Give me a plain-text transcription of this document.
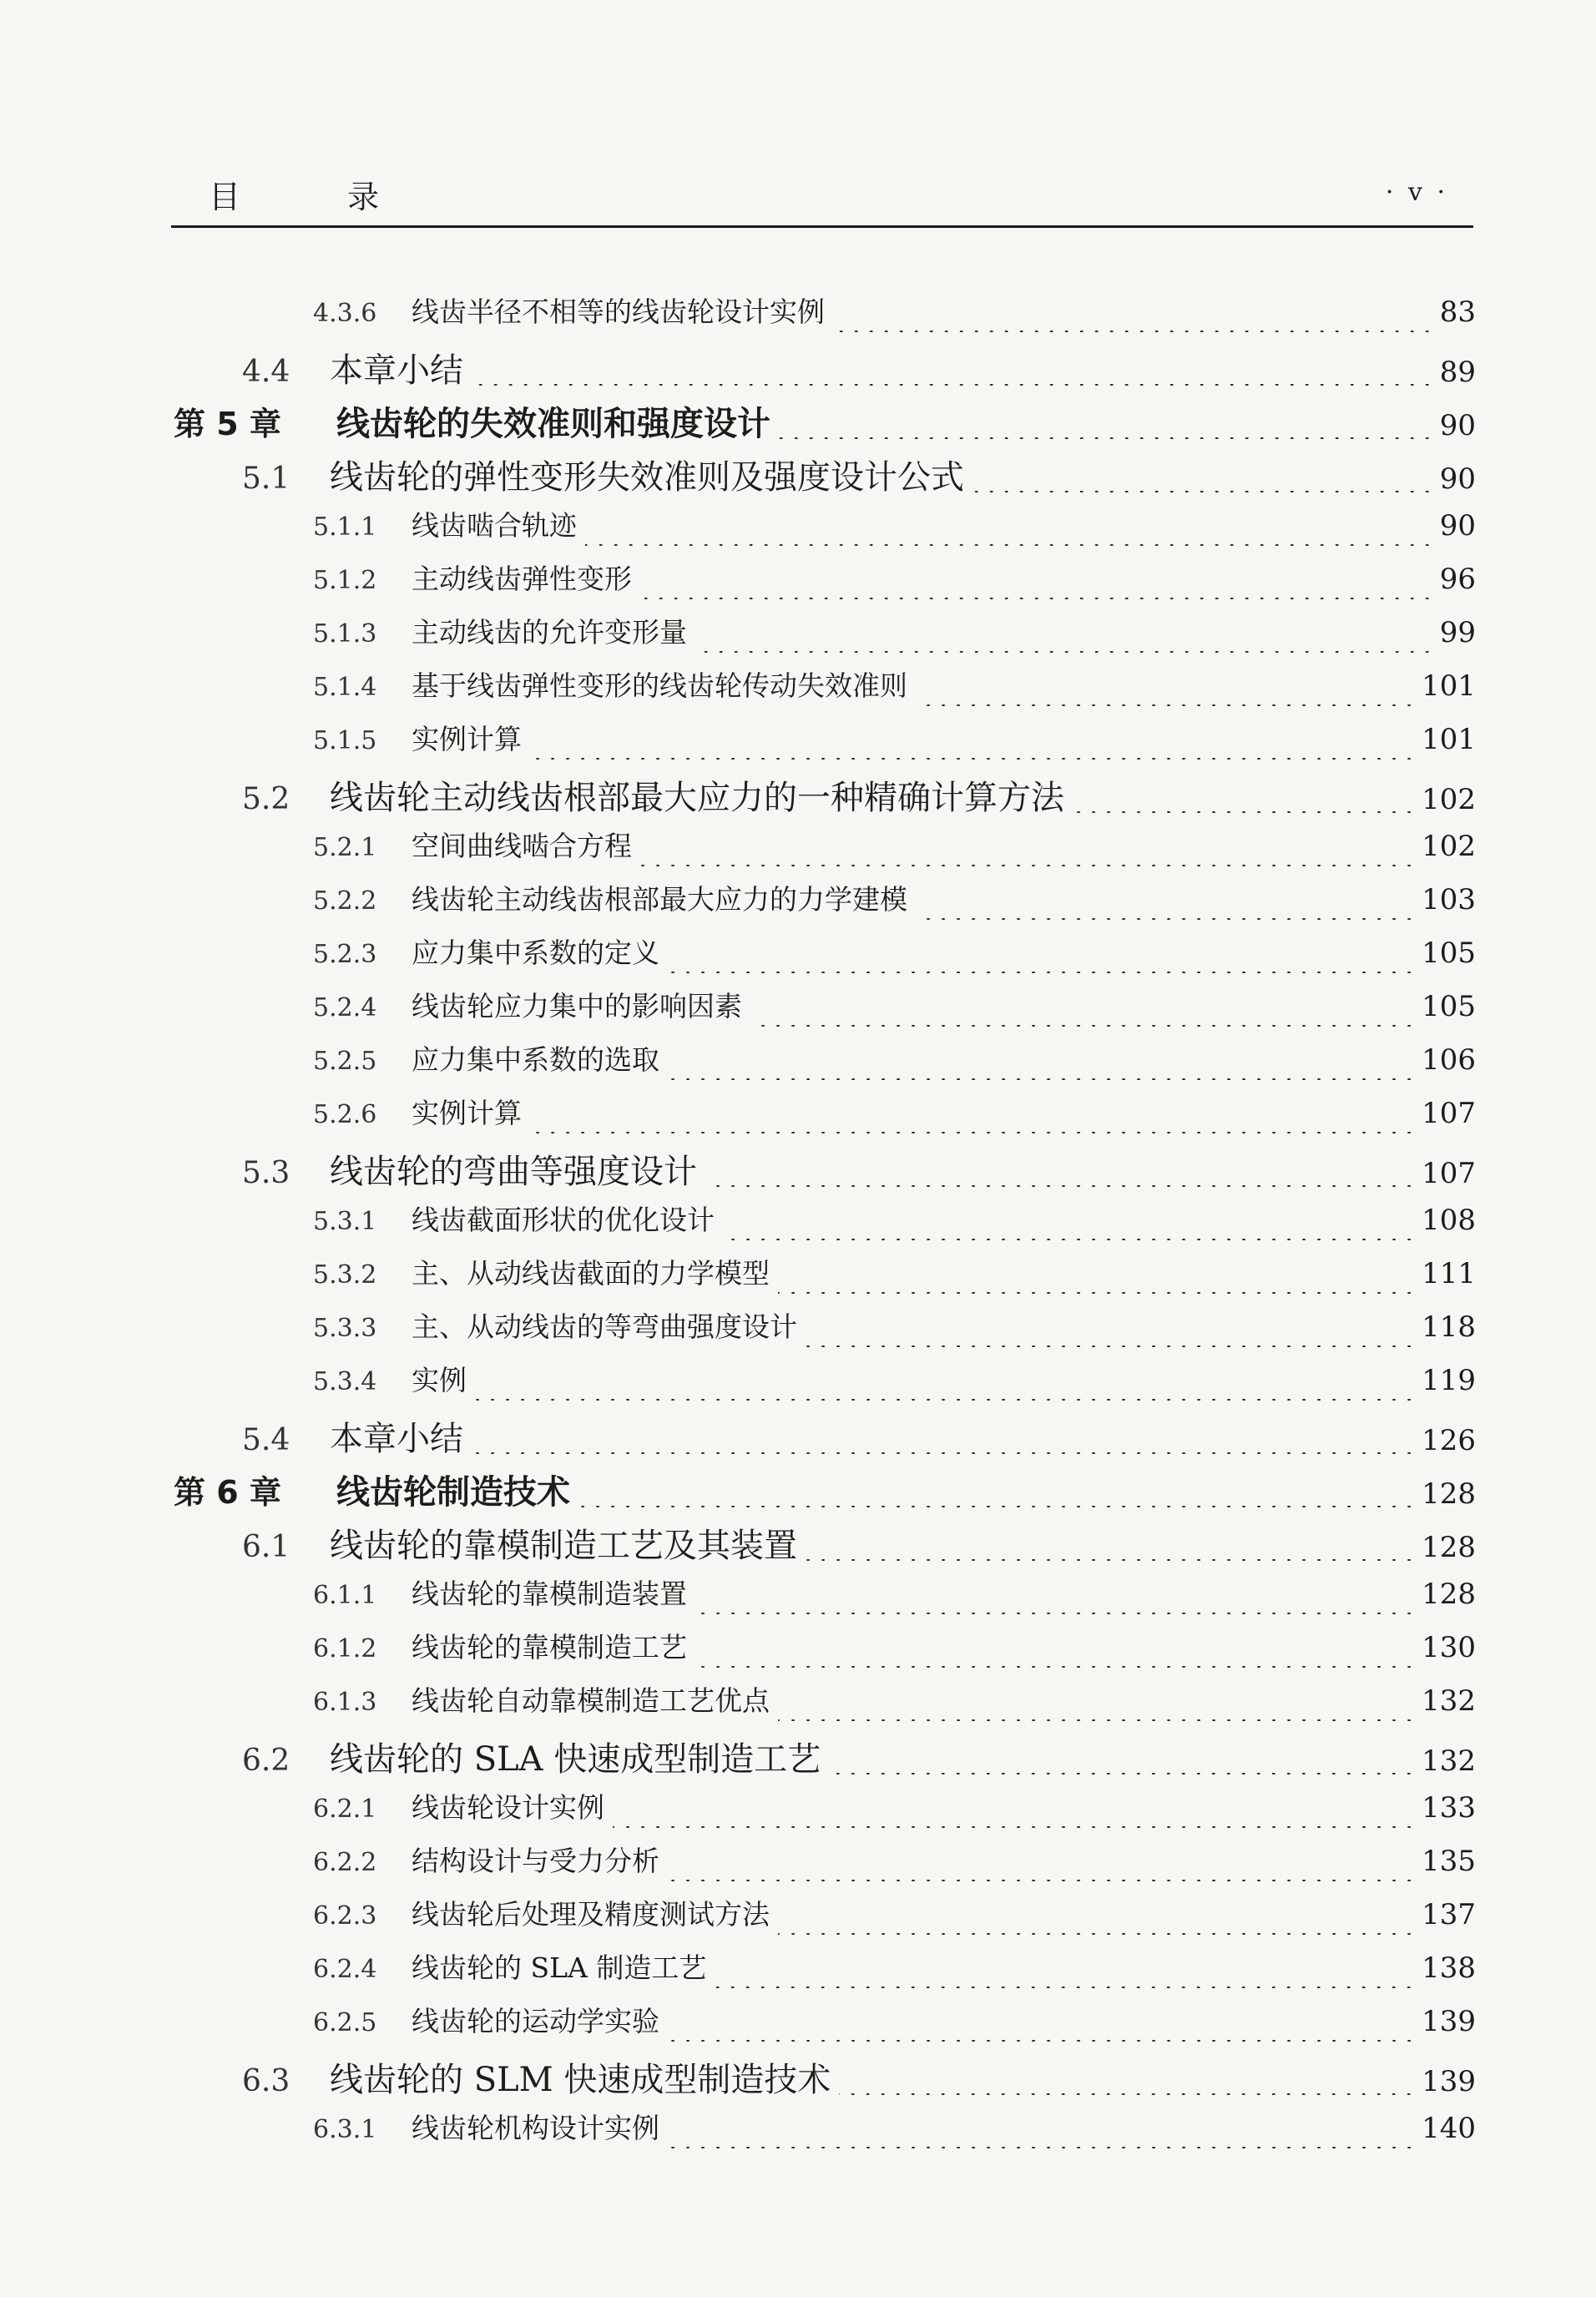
目 录	· v ·
4.3.6	线齿半径不相等的线齿轮设计实例	83
4.4	本章小结	89
第 5 章	线齿轮的失效准则和强度设计	90
5.1	线齿轮的弹性变形失效准则及强度设计公式	90
5.1.1	线齿啮合轨迹	90
5.1.2	主动线齿弹性变形	96
5.1.3	主动线齿的允许变形量	99
5.1.4	基于线齿弹性变形的线齿轮传动失效准则	101
5.1.5	实例计算	101
5.2	线齿轮主动线齿根部最大应力的一种精确计算方法	102
5.2.1	空间曲线啮合方程	102
5.2.2	线齿轮主动线齿根部最大应力的力学建模	103
5.2.3	应力集中系数的定义	105
5.2.4	线齿轮应力集中的影响因素	105
5.2.5	应力集中系数的选取	106
5.2.6	实例计算	107
5.3	线齿轮的弯曲等强度设计	107
5.3.1	线齿截面形状的优化设计	108
5.3.2	主、从动线齿截面的力学模型	111
5.3.3	主、从动线齿的等弯曲强度设计	118
5.3.4	实例	119
5.4	本章小结	126
第 6 章	线齿轮制造技术	128
6.1	线齿轮的靠模制造工艺及其装置	128
6.1.1	线齿轮的靠模制造装置	128
6.1.2	线齿轮的靠模制造工艺	130
6.1.3	线齿轮自动靠模制造工艺优点	132
6.2	线齿轮的 SLA 快速成型制造工艺	132
6.2.1	线齿轮设计实例	133
6.2.2	结构设计与受力分析	135
6.2.3	线齿轮后处理及精度测试方法	137
6.2.4	线齿轮的 SLA 制造工艺	138
6.2.5	线齿轮的运动学实验	139
6.3	线齿轮的 SLM 快速成型制造技术	139
6.3.1	线齿轮机构设计实例	140
